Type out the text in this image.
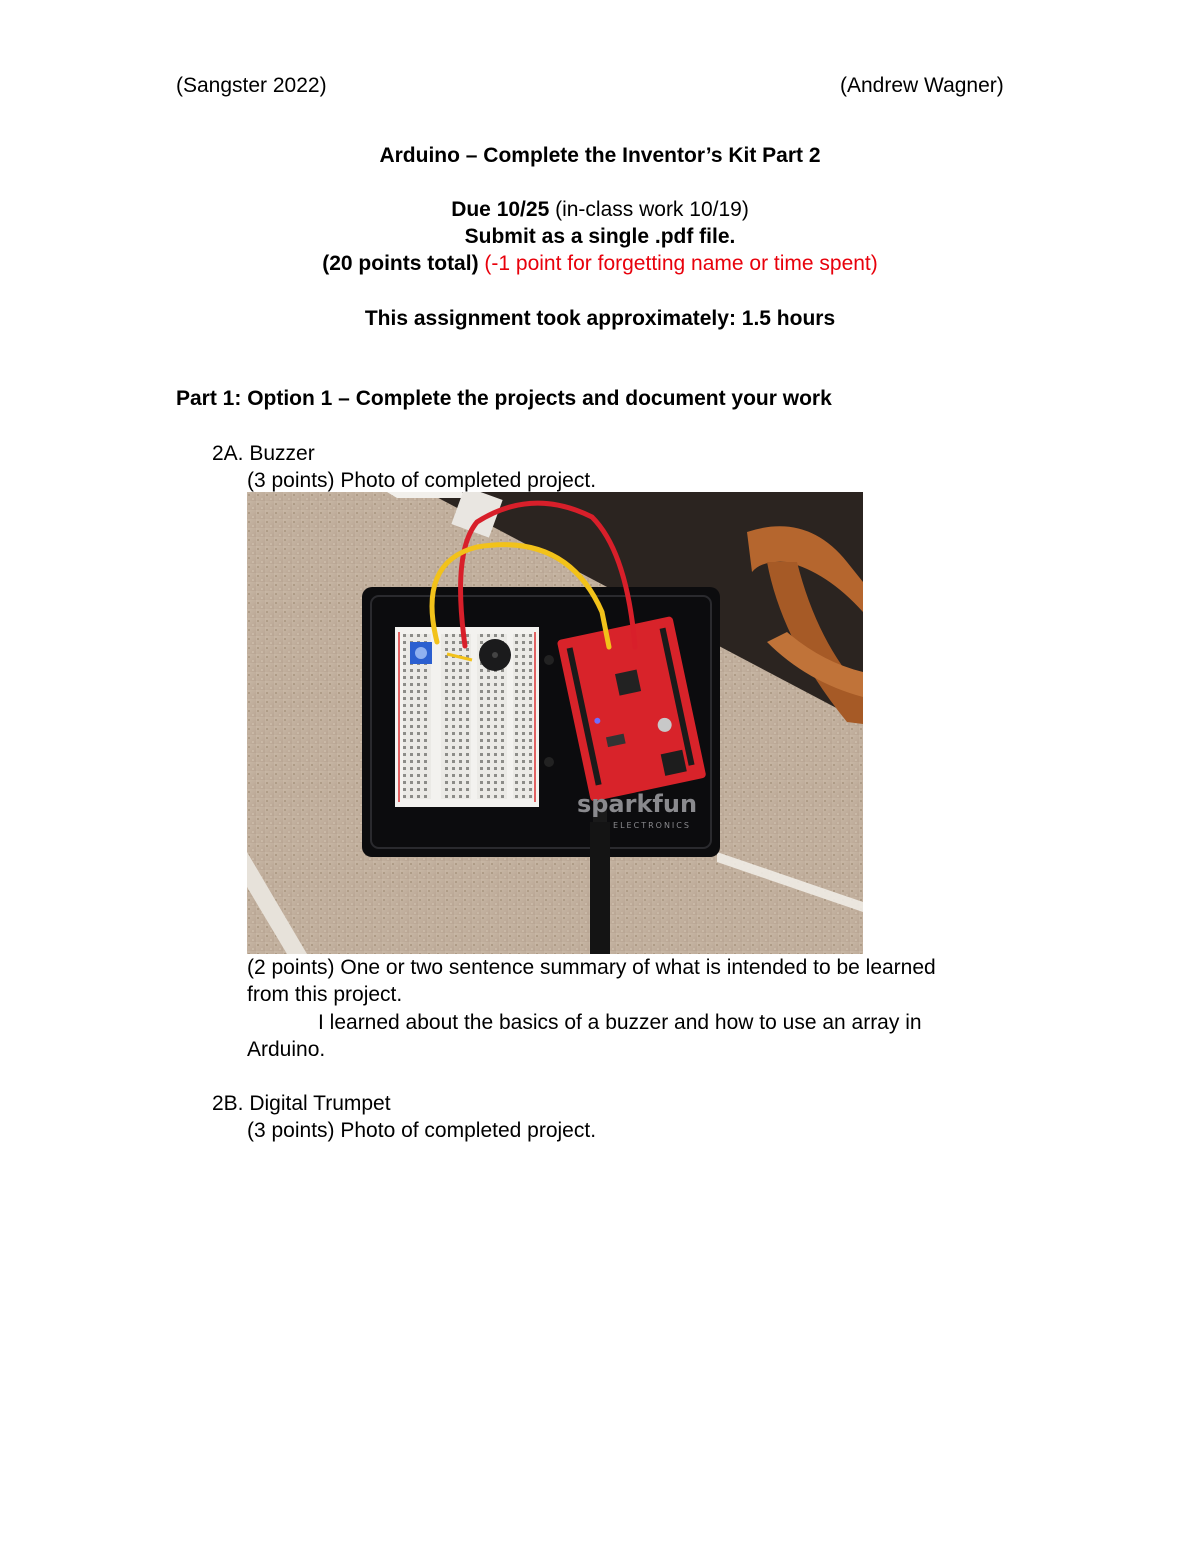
(Sangster 2022)	(Andrew Wagner)
Arduino – Complete the Inventor’s Kit Part 2
Due 10/25 (in-class work 10/19)
Submit as a single .pdf file.
(20 points total) (-1 point for forgetting name or time spent)
This assignment took approximately: 1.5 hours
Part 1: Option 1 – Complete the projects and document your work
2A. Buzzer
(3 points) Photo of completed project.
sparkfun
ELECTRONICS
(2 points) One or two sentence summary of what is intended to be learned
from this project.
I learned about the basics of a buzzer and how to use an array in
Arduino.
2B. Digital Trumpet
(3 points) Photo of completed project.
